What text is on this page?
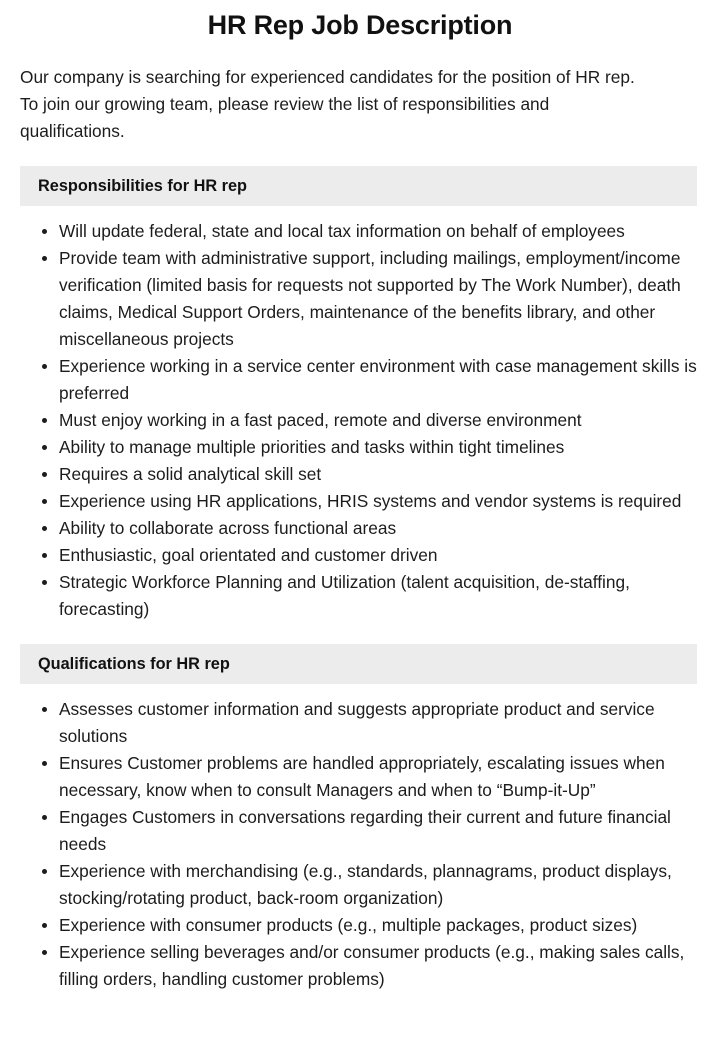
HR Rep Job Description

Our company is searching for experienced candidates for the position of HR rep. To join our growing team, please review the list of responsibilities and qualifications.

Responsibilities for HR rep
Will update federal, state and local tax information on behalf of employees
Provide team with administrative support, including mailings, employment/income verification (limited basis for requests not supported by The Work Number), death claims, Medical Support Orders, maintenance of the benefits library, and other miscellaneous projects
Experience working in a service center environment with case management skills is preferred
Must enjoy working in a fast paced, remote and diverse environment
Ability to manage multiple priorities and tasks within tight timelines
Requires a solid analytical skill set
Experience using HR applications, HRIS systems and vendor systems is required
Ability to collaborate across functional areas
Enthusiastic, goal orientated and customer driven
Strategic Workforce Planning and Utilization (talent acquisition, de-staffing, forecasting)
Qualifications for HR rep
Assesses customer information and suggests appropriate product and service solutions
Ensures Customer problems are handled appropriately, escalating issues when necessary, know when to consult Managers and when to “Bump-it-Up”
Engages Customers in conversations regarding their current and future financial needs
Experience with merchandising (e.g., standards, plannagrams, product displays, stocking/rotating product, back-room organization)
Experience with consumer products (e.g., multiple packages, product sizes)
Experience selling beverages and/or consumer products (e.g., making sales calls, filling orders, handling customer problems)
